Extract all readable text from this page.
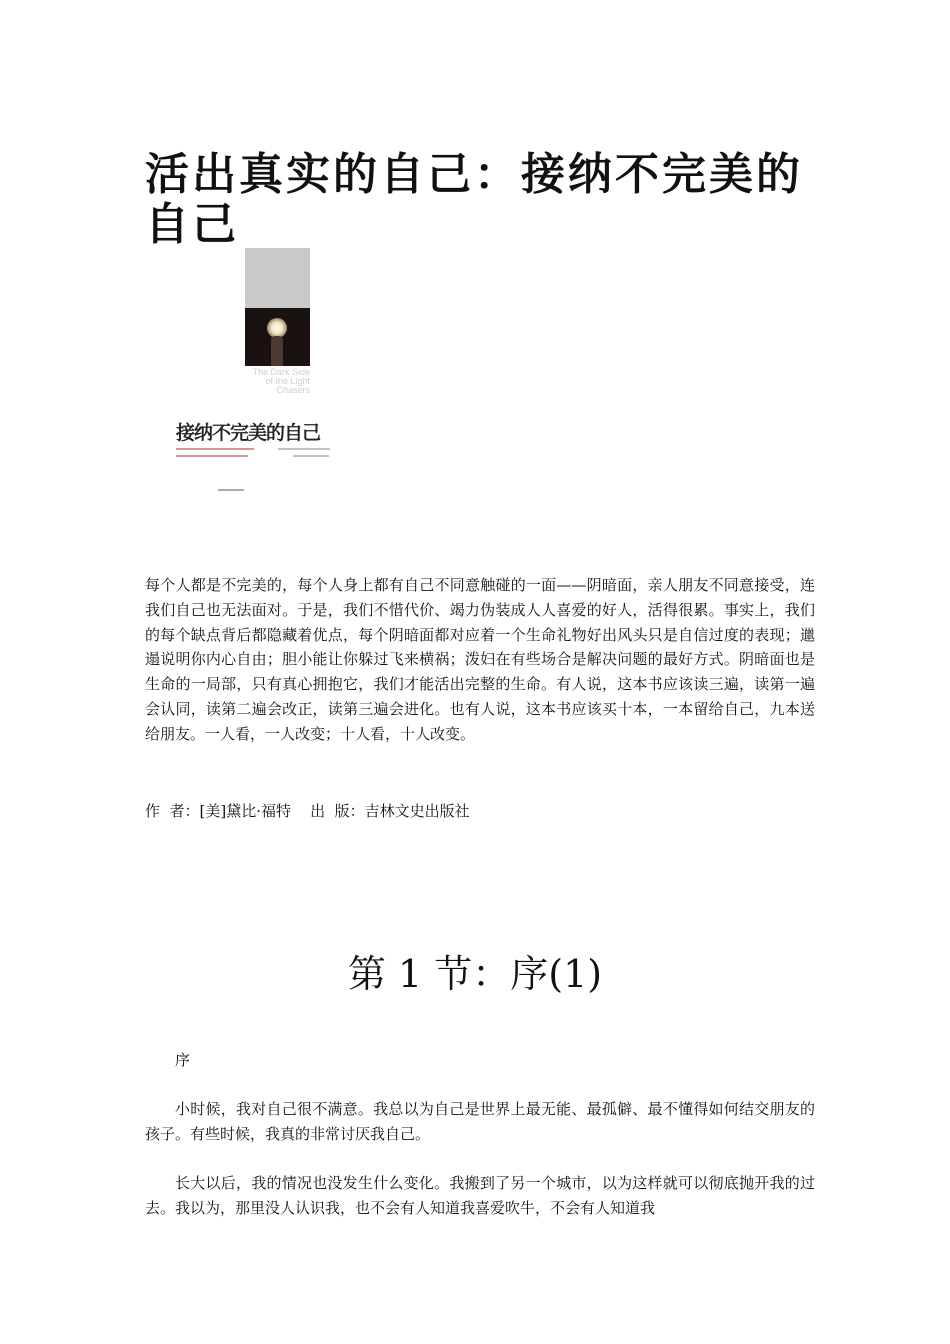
活出真实的自己：接纳不完美的自己
The Dark Side of the Light Chasers
接纳不完美的自己

每个人都是不完美的，每个人身上都有自己不同意触碰的一面——阴暗面，亲人朋友不同意接受，连我们自己也无法面对。于是，我们不惜代价、竭力伪装成人人喜爱的好人，活得很累。事实上，我们的每个缺点背后都隐藏着优点，每个阴暗面都对应着一个生命礼物好出风头只是自信过度的表现；邋遢说明你内心自由；胆小能让你躲过飞来横祸；泼妇在有些场合是解决问题的最好方式。阴暗面也是生命的一局部，只有真心拥抱它，我们才能活出完整的生命。有人说，这本书应该读三遍，读第一遍会认同，读第二遍会改正，读第三遍会进化。也有人说，这本书应该买十本，一本留给自己，九本送给朋友。一人看，一人改变；十人看，十人改变。

作  者：[美]黛比·福特    出  版：吉林文史出版社
第 1 节：序(1)

序

小时候，我对自己很不满意。我总以为自己是世界上最无能、最孤僻、最不懂得如何结交朋友的孩子。有些时候，我真的非常讨厌我自己。

长大以后，我的情况也没发生什么变化。我搬到了另一个城市，以为这样就可以彻底抛开我的过去。我以为，那里没人认识我，也不会有人知道我喜爱吹牛，不会有人知道我
